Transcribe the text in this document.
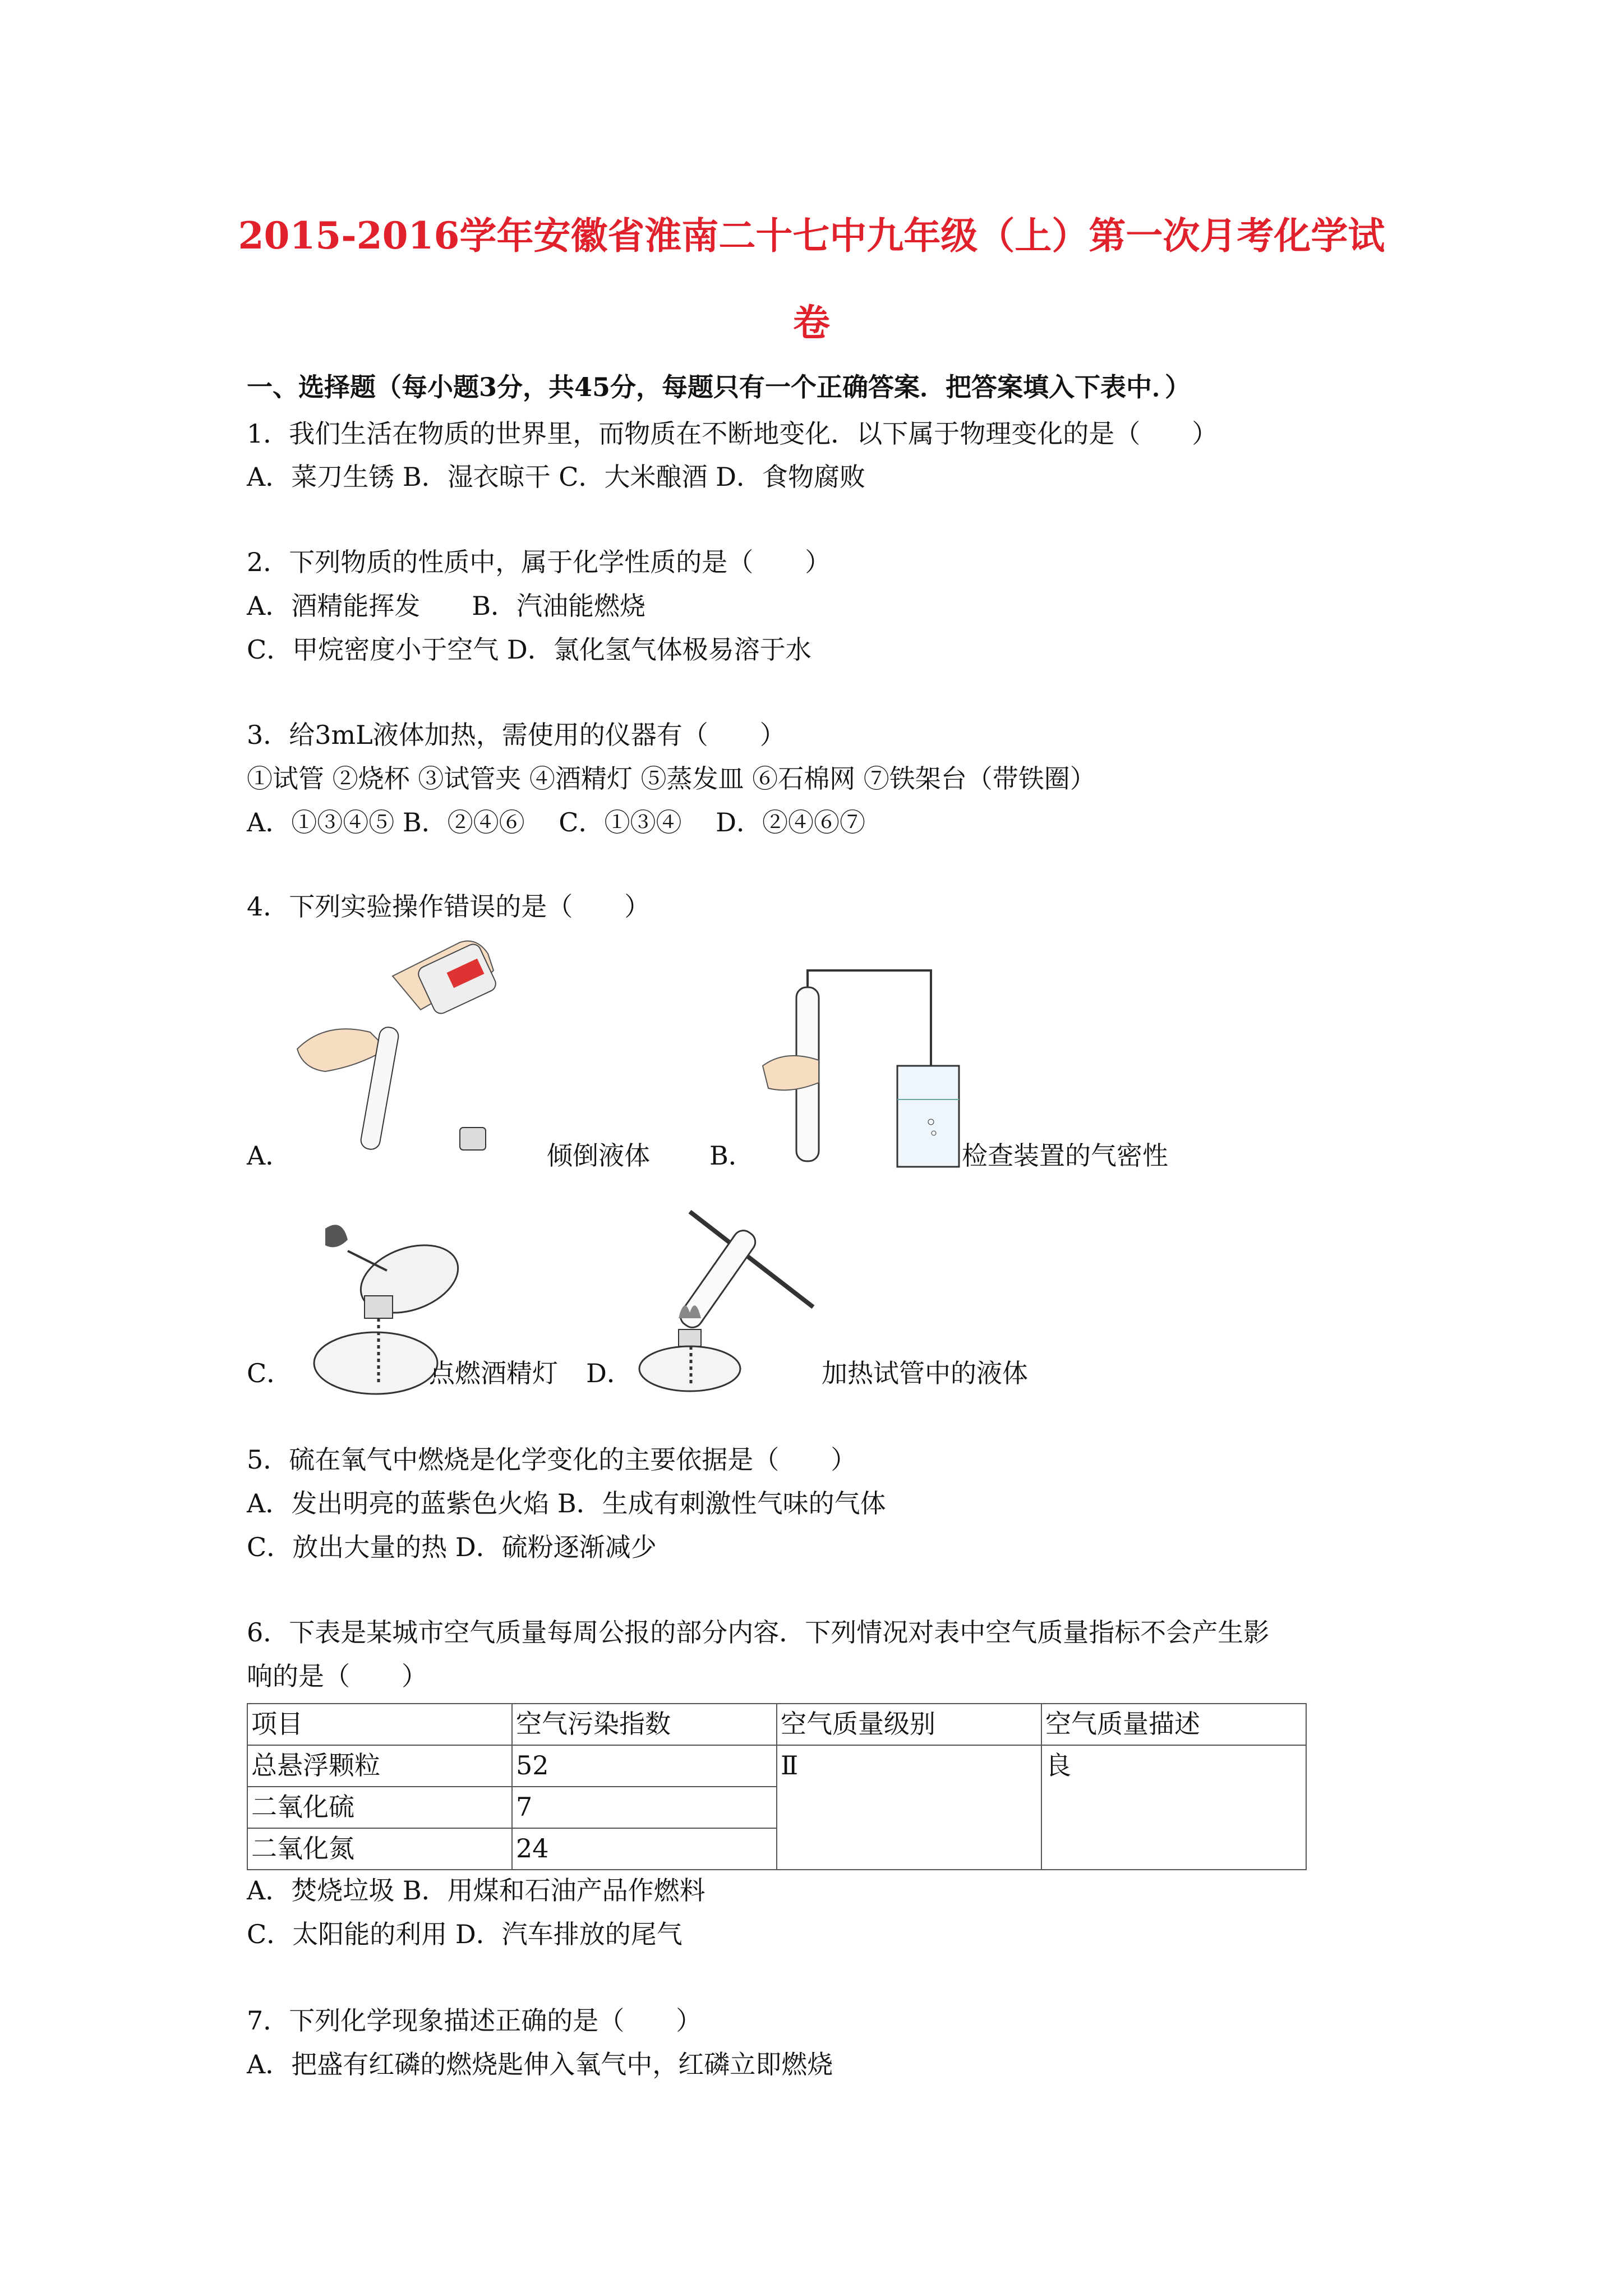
2015-2016学年安徽省淮南二十七中九年级（上）第一次月考化学试
卷
一、选择题（每小题3分，共45分，每题只有一个正确答案．把答案填入下表中．）
1．我们生活在物质的世界里，而物质在不断地变化．以下属于物理变化的是（　　）
A．菜刀生锈 B．湿衣晾干 C．大米酿酒 D．食物腐败
2．下列物质的性质中，属于化学性质的是（　　）
A．酒精能挥发　　B．汽油能燃烧
C．甲烷密度小于空气 D．氯化氢气体极易溶于水
3．给3mL液体加热，需使用的仪器有（　　）
①试管 ②烧杯 ③试管夹 ④酒精灯 ⑤蒸发皿 ⑥石棉网 ⑦铁架台（带铁圈）
A．①③④⑤ B．②④⑥　 C．①③④　 D．②④⑥⑦
4．下列实验操作错误的是（　　）
A．	倾倒液体 B．	检查装置的气密性
C．	点燃酒精灯 D．	加热试管中的液体
5．硫在氧气中燃烧是化学变化的主要依据是（　　）
A．发出明亮的蓝紫色火焰 B．生成有刺激性气味的气体
C．放出大量的热 D．硫粉逐渐减少
6．下表是某城市空气质量每周公报的部分内容．下列情况对表中空气质量指标不会产生影
响的是（　　）
项目	空气污染指数	空气质量级别	空气质量描述
总悬浮颗粒	52	Ⅱ	良
二氧化硫	7		
二氧化氮	24		
A．焚烧垃圾 B．用煤和石油产品作燃料
C．太阳能的利用 D．汽车排放的尾气
7．下列化学现象描述正确的是（　　）
A．把盛有红磷的燃烧匙伸入氧气中，红磷立即燃烧
